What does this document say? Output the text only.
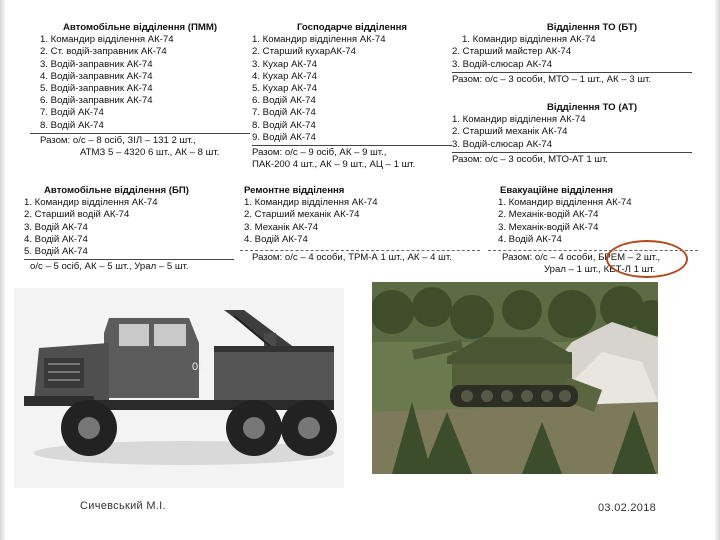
Автомобільне відділення (ПММ)
1. Командир відділення АК-74
2. Ст. водій-заправник АК-74
3. Водій-заправник АК-74
4. Водій-заправник АК-74
5. Водій-заправник АК-74
6. Водій-заправник АК-74
7. Водій АК-74
8. Водій АК-74
Разом: о/с – 8 осіб, ЗІЛ – 131 2 шт.,
АТМЗ 5 – 4320 6 шт., АК – 8 шт.
Господарче відділення
1. Командир відділення АК-74
2. Старший кухарАК-74
3. Кухар АК-74
4. Кухар АК-74
5. Кухар АК-74
6. Водій АК-74
7. Водій АК-74
8. Водій АК-74
9. Водій АК-74
Разом: о/с – 9 осіб, АК – 9 шт.,
ПАК-200 4 шт., АК – 9 шт., АЦ – 1 шт.
Відділення ТО (БТ)
1. Командир відділення АК-74
2. Старший майстер АК-74
3. Водій-слюсар АК-74
Разом: о/с – 3 особи, МТО – 1 шт., АК – 3 шт.
Відділення ТО (АТ)
1. Командир відділення АК-74
2. Старший механік АК-74
3. Водій-слюсар АК-74
Разом: о/с – 3 особи, МТО-АТ 1 шт.
Автомобільне відділення (БП)
1. Командир відділення АК-74
2. Старший водій АК-74
3. Водій АК-74
4. Водій АК-74
5. Водій АК-74
о/с – 5 осіб, АК – 5 шт., Урал – 5 шт.
Ремонтне відділення
1. Командир відділення АК-74
2. Старший механік АК-74
3. Механік АК-74
4. Водій АК-74
Разом: о/с – 4 особи, ТРМ-А 1 шт., АК – 4 шт.
Евакуаційне відділення
1. Командир відділення АК-74
2. Механік-водій АК-74
3. Механік-водій АК-74
4. Водій АК-74
Разом: о/с – 4 особи, БРЕМ – 2 шт.,
Урал – 1 шт., КЕТ-Л 1 шт.
01
Сичевський М.І.	03.02.2018
